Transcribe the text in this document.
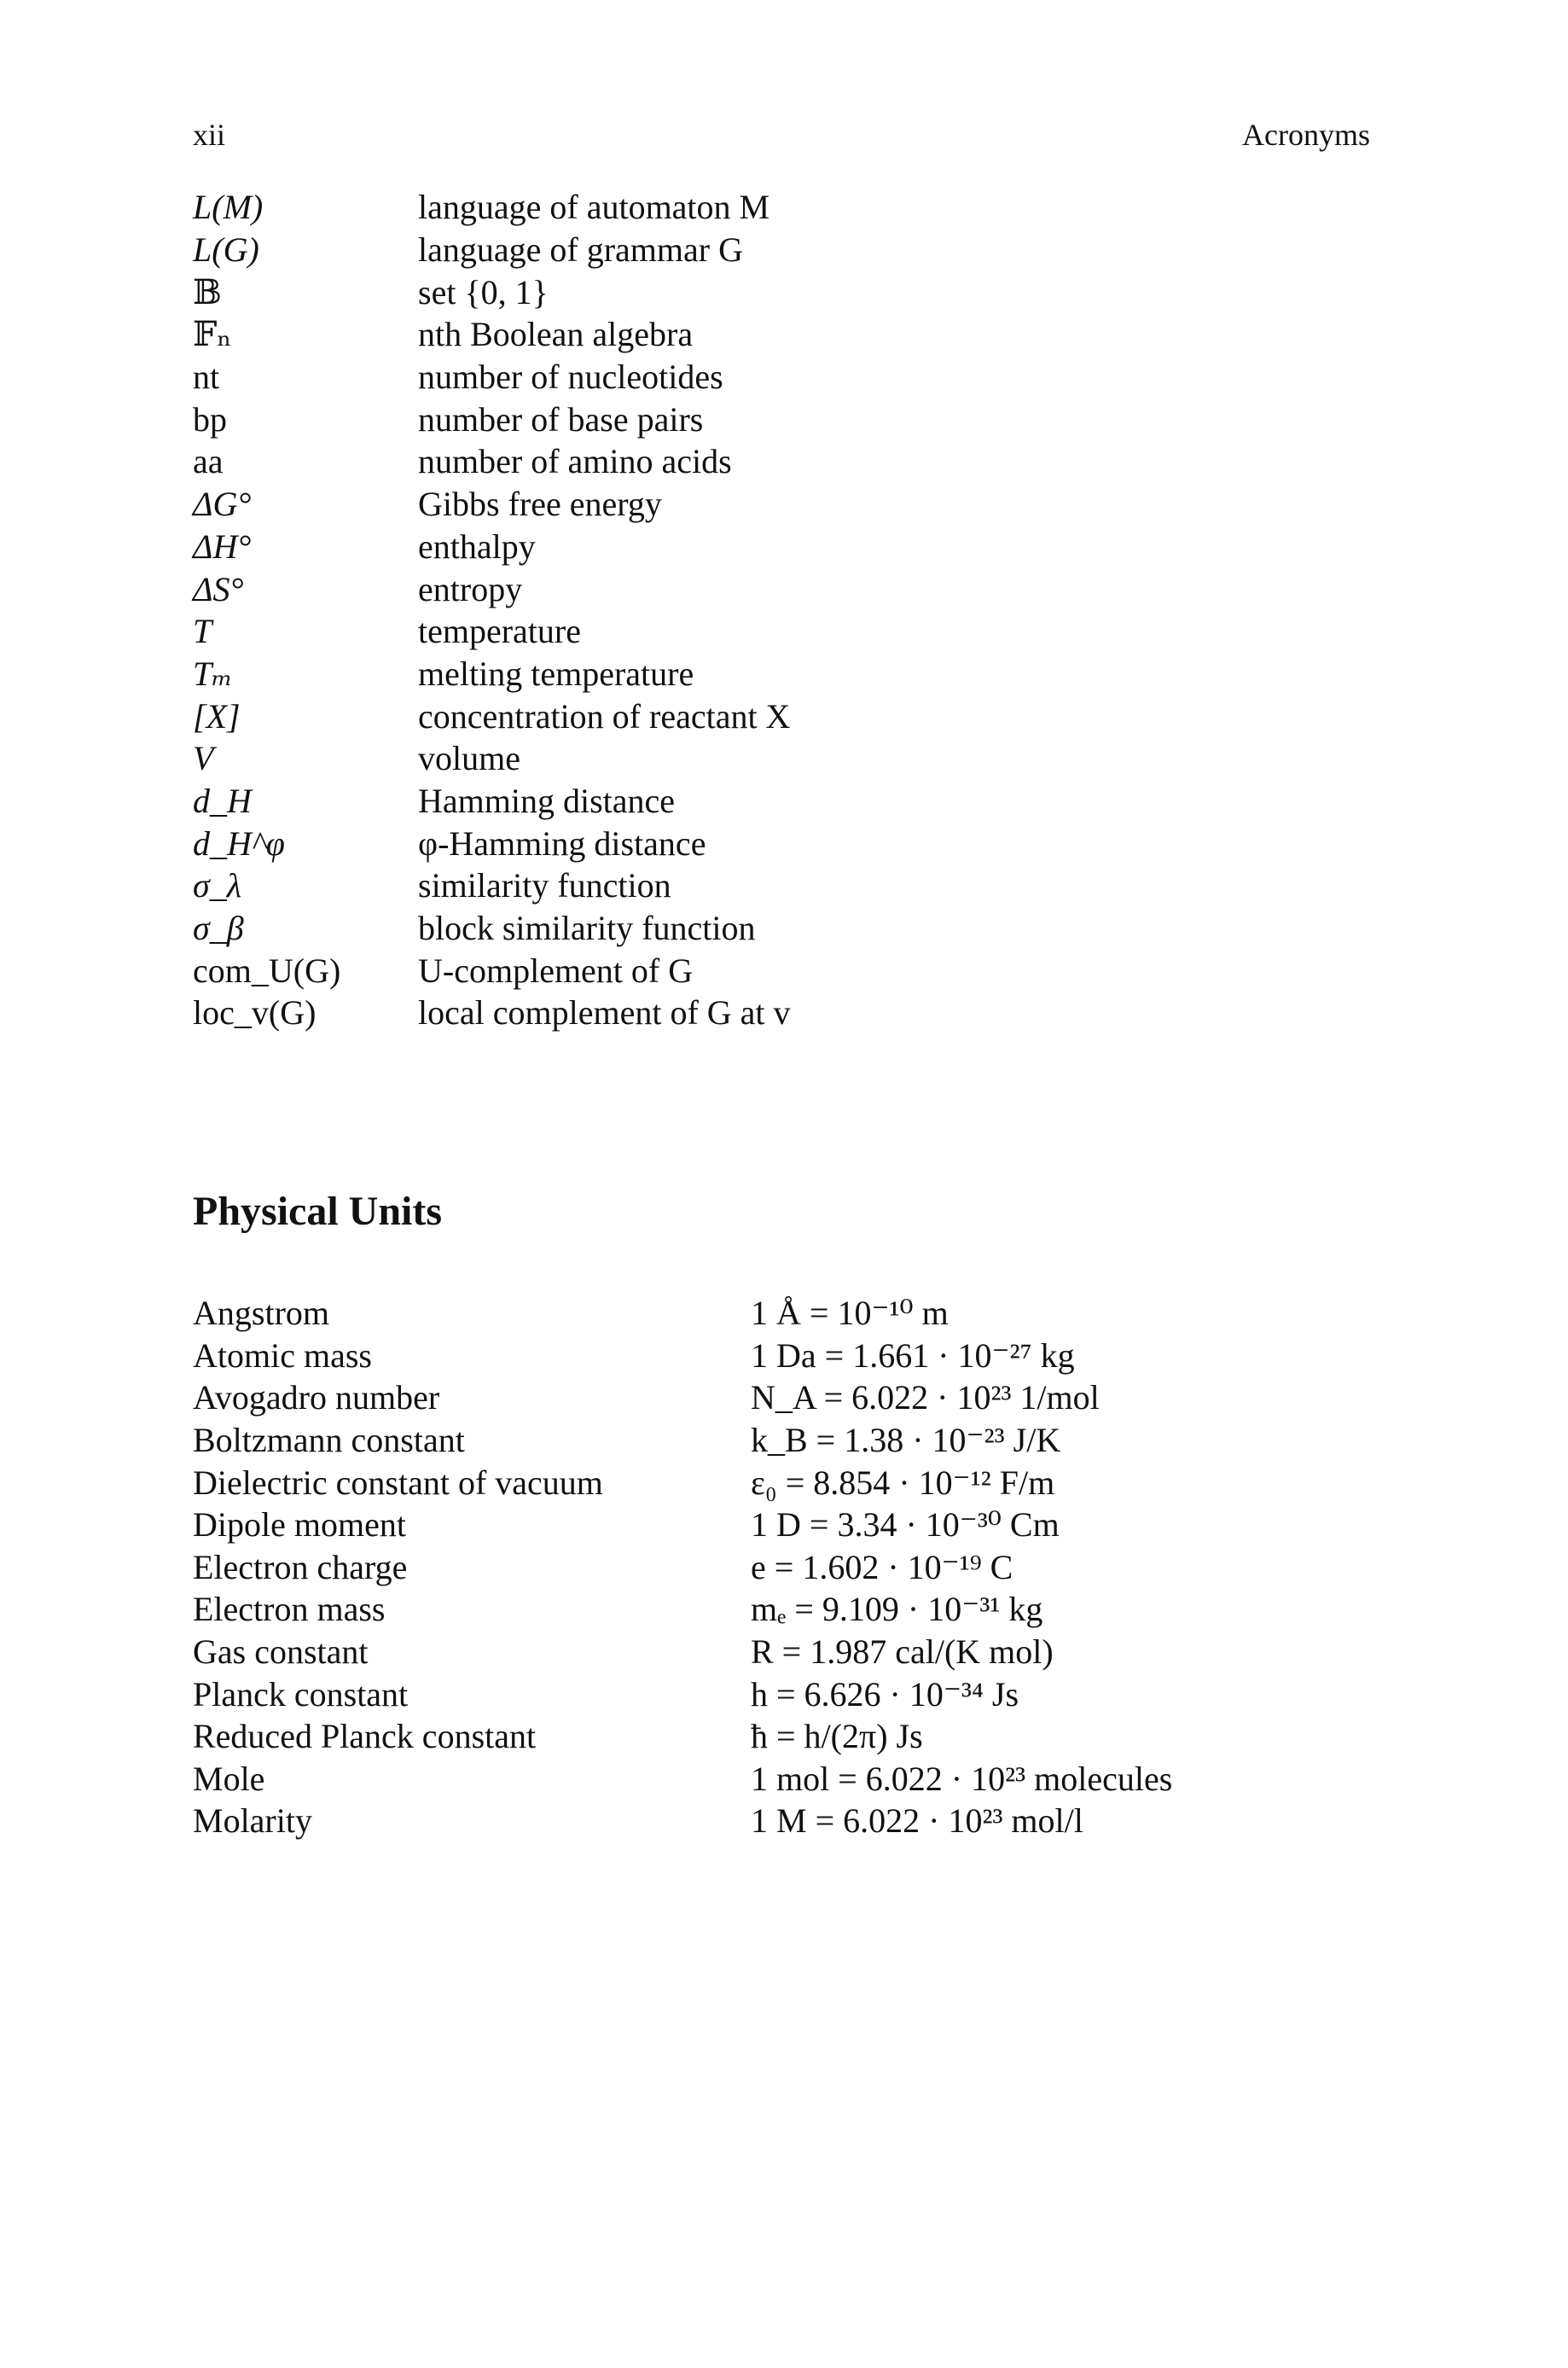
xii	Acronyms
L(M)	language of automaton M
L(G)	language of grammar G
𝔹	set {0, 1}
𝔽ₙ	nth Boolean algebra
nt	number of nucleotides
bp	number of base pairs
aa	number of amino acids
ΔG°	Gibbs free energy
ΔH°	enthalpy
ΔS°	entropy
T	temperature
Tₘ	melting temperature
[X]	concentration of reactant X
V	volume
d_H	Hamming distance
d_H^φ	φ-Hamming distance
σ_λ	similarity function
σ_β	block similarity function
com_U(G)	U-complement of G
loc_v(G)	local complement of G at v
Physical Units
Angstrom	1 Å = 10⁻¹⁰ m
Atomic mass	1 Da = 1.661 · 10⁻²⁷ kg
Avogadro number	N_A = 6.022 · 10²³ 1/mol
Boltzmann constant	k_B = 1.38 · 10⁻²³ J/K
Dielectric constant of vacuum	ε₀ = 8.854 · 10⁻¹² F/m
Dipole moment	1 D = 3.34 · 10⁻³⁰ Cm
Electron charge	e = 1.602 · 10⁻¹⁹ C
Electron mass	mₑ = 9.109 · 10⁻³¹ kg
Gas constant	R = 1.987 cal/(K mol)
Planck constant	h = 6.626 · 10⁻³⁴ Js
Reduced Planck constant	ħ = h/(2π) Js
Mole	1 mol = 6.022 · 10²³ molecules
Molarity	1 M = 6.022 · 10²³ mol/l
